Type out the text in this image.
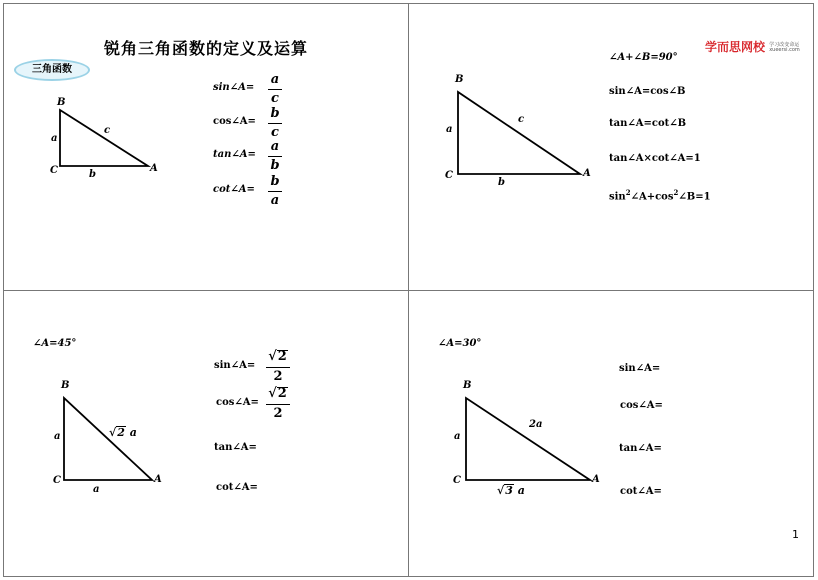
锐角三角函数的定义及运算
三角函数
B
C	A
a
b
c
sin∠A=
a
c
cos∠A=
b
c
tan∠A=
a
b
cot∠A=
b
a
学而思网校 学习改变命运
xueersi.com
B
C	A
a
b
c
∠A+∠B=90°
sin∠A=cos∠B
tan∠A=cot∠B
tan∠A×cot∠A=1
$\sin^2\angle A+\cos^2\angle B=1$
∠A=45°
B
C	A
a
a
√2 a
sin∠A=
√2
2
cos∠A=
√2
2
tan∠A=
cot∠A=
∠A=30°
B
C	A
a
2a
√3 a
sin∠A=
cos∠A=
tan∠A=
cot∠A=
1
